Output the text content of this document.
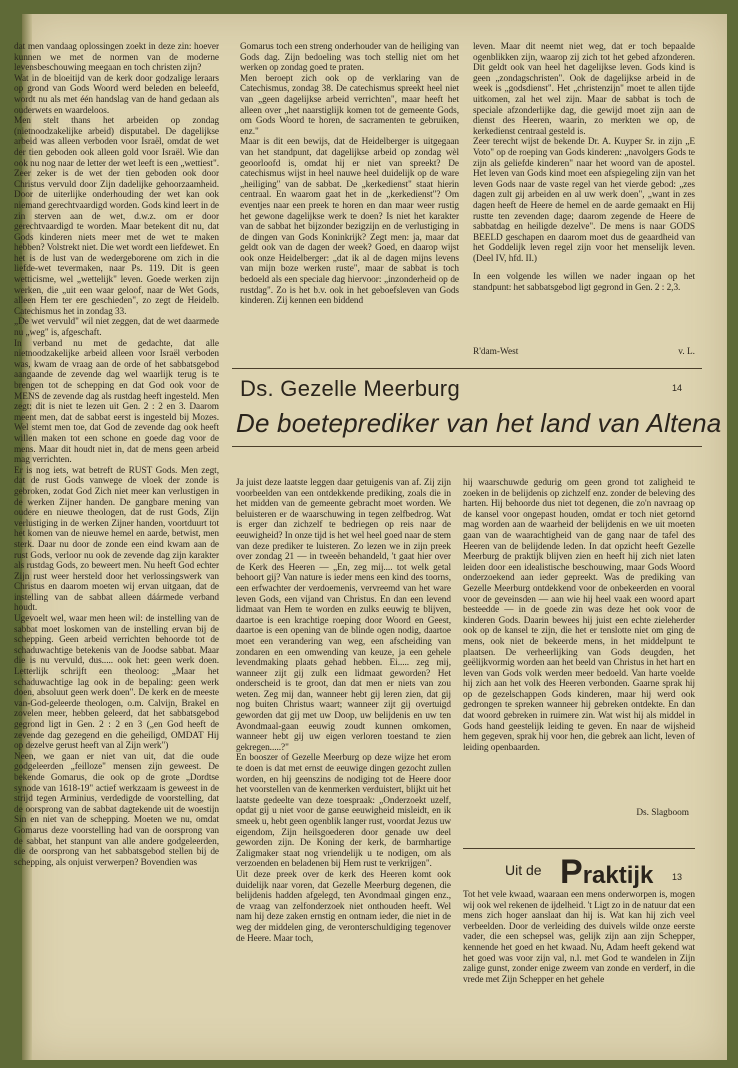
dat men vandaag oplossingen zoekt in deze zin: hoever kunnen we met de normen van de moderne levensbeschouwing meegaan en toch christen zijn?

Wat in de bloeitijd van de kerk door godzalige leraars op grond van Gods Woord werd beleden en beleefd, wordt nu als met één handslag van de hand gedaan als ouderwets en waardeloos.

Men stelt thans het arbeiden op zondag (nietnoodzakelijke arbeid) disputabel. De dagelijkse arbeid was alleen verboden voor Israël, omdat de wet der tien geboden ook alleen gold voor Israël. Wie dan ook nu nog naar de letter der wet leeft is een „wettiest". Zeer zeker is de wet der tien geboden ook door Christus vervuld door Zijn dadelijke gehoorzaamheid. Door de uiterlijke onderhouding der wet kan ook niemand gerechtvaardigd worden. Gods kind leert in de zin sterven aan de wet, d.w.z. om er door gerechtvaardigd te worden. Maar betekent dit nu, dat Gods kinderen niets meer met de wet te maken hebben? Volstrekt niet. Die wet wordt een liefdewet. En het is de lust van de wedergeborene om zich in die liefde-wet tevermaken, naar Ps. 119. Dit is geen wetticisme, wel „wettelijk" leven. Goede werken zijn werken, die „uit een waar geloof, naar de Wet Gods, alleen Hem ter ere geschieden", zo zegt de Heidelb. Catechismus het in zondag 33.

„De wet vervuld" wil niet zeggen, dat de wet daarmede nu „weg" is, afgeschaft.

In verband nu met de gedachte, dat alle nietnoodzakelijke arbeid alleen voor Israël verboden was, kwam de vraag aan de orde of het sabbatsgebod aangaande de zevende dag wel waarlijk terug is te brengen tot de schepping en dat God ook voor de MENS de zevende dag als rustdag heeft ingesteld. Men zegt: dit is niet te lezen uit Gen. 2 : 2 en 3. Daarom meent men, dat de sabbat eerst is ingesteld bij Mozes. Wel stemt men toe, dat God de zevende dag ook heeft willen maken tot een schone en goede dag voor de mens. Maar dit houdt niet in, dat de mens geen arbeid mag verrichten.

Er is nog iets, wat betreft de RUST Gods. Men zegt, dat de rust Gods vanwege de vloek der zonde is gebroken, zodat God Zich niet meer kan verlustigen in de werken Zijner handen. De gangbare mening van oudere en nieuwe theologen, dat de rust Gods, Zijn verlustiging in de werken Zijner handen, voortduurt tot het komen van de nieuwe hemel en aarde, betwist, men sterk. Daar nu door de zonde een eind kwam aan de rust Gods, verloor nu ook de zevende dag zijn karakter als rustdag Gods, zo beweert men. Nu heeft God echter Zijn rust weer hersteld door het verlossingswerk van Christus en daarom moeten wij ervan uitgaan, dat de instelling van de sabbat alleen dáármede verband houdt.

Ugevoelt wel, waar men heen wil: de instelling van de sabbat moet loskomen van de instelling ervan bij de schepping. Geen arbeid verrichten behoorde tot de schaduwachtige betekenis van de Joodse sabbat. Maar die is nu vervuld, dus..... ook het: geen werk doen. Letterlijk schrijft een theoloog: „Maar het schaduwachtige lag ook in de bepaling: geen werk doen, absoluut geen werk doen". De kerk en de meeste van-God-geleerde theologen, o.m. Calvijn, Brakel en zovelen meer, hebben geleerd, dat het sabbatsgebod gegrond ligt in Gen. 2 : 2 en 3 („en God heeft de zevende dag gezegend en die geheiligd, OMDAT Hij op dezelve gerust heeft van al Zijn werk")

Neen, we gaan er niet van uit, dat die oude godgeleerden „feilloze" mensen zijn geweest. De bekende Gomarus, die ook op de grote „Dordtse synode van 1618-19" actief werkzaam is geweest in de strijd tegen Arminius, verdedigde de voorstelling, dat de oorsprong van de sabbat dagtekende uit de woestijn Sin en niet van de schepping. Moeten we nu, omdat Gomarus deze voorstelling had van de oorsprong van de sabbat, het stanpunt van alle andere godgeleerden, die de oorsprong van het sabbatsgebod stellen bij de schepping, als onjuist verwerpen? Bovendien was

Gomarus toch een streng onderhouder van de heiliging van Gods dag. Zijn bedoeling was toch stellig niet om het werken op zondag goed te praten.

Men beroept zich ook op de verklaring van de Catechismus, zondag 38. De catechismus spreekt heel niet van „geen dagelijkse arbeid verrichten", maar heeft het alleen over „het naarstiglijk komen tot de gemeente Gods, om Gods Woord te horen, de sacramenten te gebruiken, enz."

Maar is dit een bewijs, dat de Heidelberger is uitgegaan van het standpunt, dat dagelijkse arbeid op zondag wèl geoorloofd is, omdat hij er niet van spreekt? De catechismus wijst in heel nauwe heel duidelijk op de ware „heiliging" van de sabbat. De „kerkedienst" staat hierin centraal. En waarom gaat het in de „kerkedienst"? Om eventjes naar een preek te horen en dan maar weer rustig het gewone dagelijkse werk te doen? Is niet het karakter van de sabbat het bijzonder bezigzijn en de verlustiging in de dingen van Gods Koninkrijk? Zegt men: ja, maar dat geldt ook van de dagen der week? Goed, en daarop wijst ook onze Heidelberger: „dat ik al de dagen mijns levens van mijn boze werken ruste", maar de sabbat is toch bedoeld als een speciale dag hiervoor: „inzonderheid op de rustdag". Zo is het b.v. ook in het geboefsleven van Gods kinderen. Zij kennen een biddend

leven. Maar dit neemt niet weg, dat er toch bepaalde ogenblikken zijn, waarop zij zich tot het gebed afzonderen. Dit geldt ook van heel het dagelijkse leven. Gods kind is geen „zondagschristen". Ook de dagelijkse arbeid in de week is „godsdienst". Het „christenzijn" moet te allen tijde uitkomen, zal het wel zijn. Maar de sabbat is toch de speciale afzonderlijke dag, die gewijd moet zijn aan de dienst des Heeren, waarin, zo merkten we op, de kerkedienst centraal gesteld is.

Zeer terecht wijst de bekende Dr. A. Kuyper Sr. in zijn „E Voto" op de roeping van Gods kinderen: „navolgers Gods te zijn als geliefde kinderen" naar het woord van de apostel. Het leven van Gods kind moet een afspiegeling zijn van het leven Gods naar de vaste regel van het vierde gebod: „zes dagen zult gij arbeiden en al uw werk doen", „want in zes dagen heeft de Heere de hemel en de aarde gemaakt en Hij rustte ten zevenden dage; daarom zegende de Heere de sabbatdag en heiligde dezelve". De mens is naar GODS BEELD geschapen en daarom moet dus de geaardheid van het Goddelijk leven regel zijn voor het menselijk leven. (Deel IV, hfd. II.)

In een volgende les willen we nader ingaan op het standpunt: het sabbatsgebod ligt gegrond in Gen. 2 : 2,3.

R'dam-West	v. L.
Ds. Gezelle Meerburg	14
De boeteprediker van het land van Altena

Ja juist deze laatste leggen daar getuigenis van af. Zij zijn voorbeelden van een ontdekkende prediking, zoals die in het midden van de gemeente gebracht moet worden. We beluisteren er de waarschuwing in tegen zelfbedrog. Wat is erger dan zichzelf te bedriegen op reis naar de eeuwigheid? In onze tijd is het wel heel goed naar de stem van deze prediker te luisteren. Zo lezen we in zijn preek over zondag 21 — in tweeën behandeld, 't gaat hier over de Kerk des Heeren — „En, zeg mij.... tot welk getal behoort gij? Van nature is ieder mens een kind des toorns, een erfwachter der verdoemenis, vervreemd van het ware leven Gods, een vijand van Christus. En dan een levend lidmaat van Hem te worden en zulks eeuwig te blijven, daartoe is een krachtige roeping door Woord en Geest, daartoe is een opening van de blinde ogen nodig, daartoe moet een verandering van weg, een afscheiding van zondaren en een omwending van keuze, ja een gehele levendmaking plaats gehad hebben. Ei..... zeg mij, wanneer zijt gij zulk een lidmaat geworden? Het onderscheid is te groot, dan dat men er niets van zou weten. Zeg mij dan, wanneer hebt gij leren zien, dat gij nog buiten Christus waart; wanneer zijt gij overtuigd geworden dat gij met uw Doop, uw belijdenis en uw ten Avondmaal-gaan eeuwig zoudt kunnen omkomen, wanneer hebt gij uw eigen verloren toestand te zien gekregen.....?"

En booszer of Gezelle Meerburg op deze wijze het erom te doen is dat met ernst de eeuwige dingen gezocht zullen worden, en hij geenszins de nodiging tot de Heere door het voorstellen van de kenmerken verduistert, blijkt uit het laatste gedeelte van deze toespraak: „Onderzoekt uzelf, opdat gij u niet voor de ganse eeuwigheid misleidt, en ik smeek u, hebt geen ogenblik langer rust, voordat Jezus uw eigendom, Zijn heilsgoederen door genade uw deel geworden zijn. De Koning der kerk, de barmhartige Zaligmaker staat nog vriendelijk u te nodigen, om als verzoenden en beladenen bij Hem rust te verkrijgen".

Uit deze preek over de kerk des Heeren komt ook duidelijk naar voren, dat Gezelle Meerburg degenen, die belijdenis hadden afgelegd, ten Avondmaal gingen enz., de vraag van zelfonderzoek niet onthouden heeft. Wel nam hij deze zaken ernstig en ontnam ieder, die niet in de weg der middelen ging, de veronterschuldiging tegenover de Heere. Maar toch,

hij waarschuwde gedurig om geen grond tot zaligheid te zoeken in de belijdenis op zichzelf enz. zonder de beleving des harten. Hij behoorde dus niet tot degenen, die zo'n navraag op de kansel voor ongepast houden, omdat er toch niet getornd mag worden aan de waarheid der belijdenis en we uit moeten gaan van de waarachtigheid van de gang naar de tafel des Heeren van de belijdende leden. In dat opzicht heeft Gezelle Meerburg de praktijk blijven zien en heeft hij zich niet laten leiden door een idealistische beschouwing, maar Gods Woord onderzoekend aan ieder gepreekt. Was de prediking van Gezelle Meerburg ontdekkend voor de onbekeerden en vooral voor de geveinsden — aan wie hij heel vaak een woord apart besteedde — in de goede zin was deze het ook voor de kinderen Gods. Daarin bewees hij juist een echte zieleherder ook op de kansel te zijn, die het er tenslotte niet om ging de mens, ook niet de bekeerde mens, in het middelpunt te plaatsen. De verheerlijking van Gods deugden, het geëlijkvormig worden aan het beeld van Christus in het hart en leven van Gods volk werden meer bedoeld. Van harte voelde hij zich aan het volk des Heeren verbonden. Gaarne sprak hij op de gezelschappen Gods kinderen, maar hij werd ook gedrongen te spreken wanneer hij gebreken ontdekte. En dan dat woord gebreken in ruimere zin. Wat wist hij als middel in Gods hand geestelijk leiding te geven. En naar de wijsheid hem gegeven, sprak hij voor hen, die gebrek aan licht, leven of leiding openbaarden.

Ds. Slagboom
Uit de Praktijk 13

Tot het vele kwaad, waaraan een mens onderworpen is, mogen wij ook wel rekenen de ijdelheid. 't Ligt zo in de natuur dat een mens zich hoger aanslaat dan hij is. Wat kan hij zich veel verbeelden. Door de verleiding des duivels wilde onze eerste vader, die een schepsel was, gelijk zijn aan zijn Schepper, kennende het goed en het kwaad. Nu, Adam heeft gekend wat het goed was voor zijn val, n.l. met God te wandelen in Zijn zalige gunst, zonder enige zweem van zonde en verderf, in die vrede met Zijn Schepper en het gehele
